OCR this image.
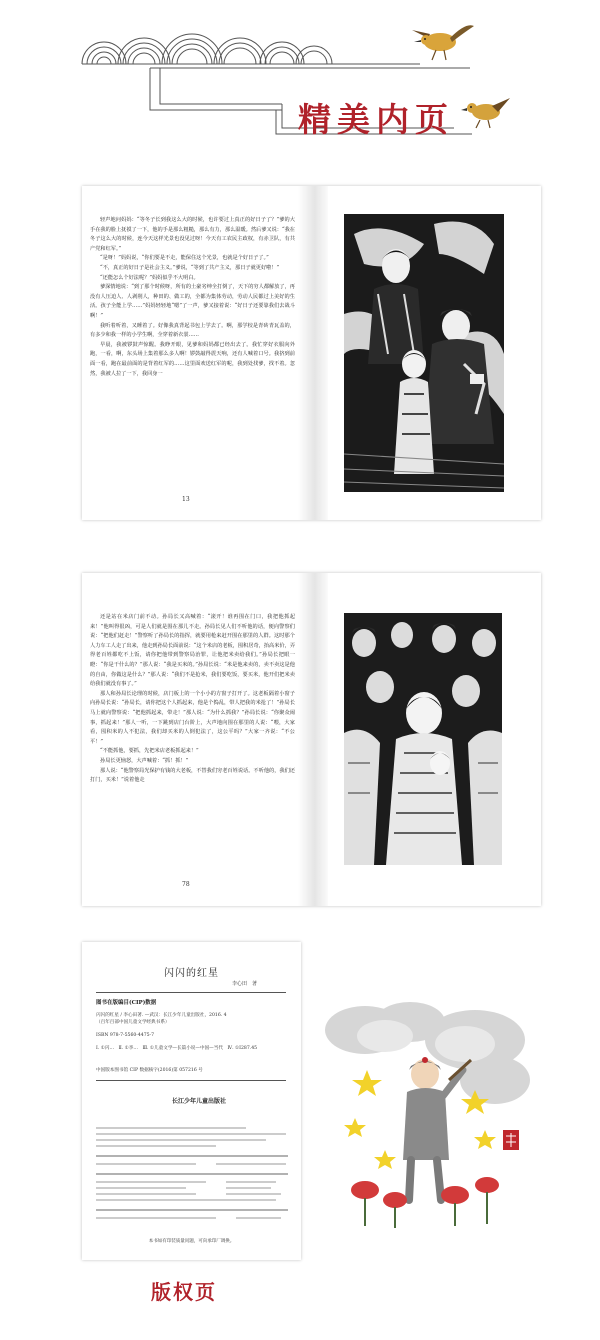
精美内页

轻声地问妈妈：“等冬子长到我这么大的时候，也许要过上真正的好日子了？”爹的大手在我的脸上抚摸了一下，他的手是那么粗糙，那么有力，那么温暖。然后爹又说：“我在冬子这么大的时候，连今天这样光景也没见过呀！今天有工农民主政权，有赤卫队，有共产党和红军。”

“是呀！”妈妈说，“你们要是不走，能保住这个光景，也就是个好日子了。”

“不，真正的好日子是社会主义。”爹说，“等到了共产主义，那日子就更好啦！”

“还能怎么个好法呢？”妈妈似乎不大明白。

爹深情地说：“到了那个时候呀，所有的土豪劣绅全打倒了，天下的穷人都解放了，再没有人压迫人、人剥削人，种田的、做工的，全都为集体劳动，劳动人民都过上美好的生活。孩子全能上学……”妈妈轻轻地“嗯”了一声，爹又接着说：“好日子还要靠我们去战斗啊！”

我听着听着，又睡着了。好像我真背起书包上学去了。啊，那学校是青砖青瓦盖的，有多少和我一样的小学生啊，全穿着新衣裳……

早晨，我被锣鼓声惊醒。我睁开眼，见爹和妈妈都已经出去了。我忙穿好衣服向外跑，一看，啊，东头场上集着那么多人啊！锣鼓敲得震天响，还有人喊着口号。我挤到前面一看，跑在最前面的是背着红军的……这里面欢送红军的呢，我到处找爹，找不着。忽然，我被人拉了一下，我回身一

13

还是站在米店门前不动。孙局长又高喊着：“滚开！谁再围在门口，我把他抓起来！”他叫得很凶，可是人们就是围在那儿不走。孙局长见人们不听他的话，便向警察们说：“把他们赶走！”警察听了孙局长的指挥，就要用枪来赶开围在那里的人群。这时那个人力车工人走了出来，他走到孙局长面前说：“这个米店的老板，囤积居奇，抬高米价，弄得老百姓都吃不上饭，请你把他带到警察局治罪，让他把米卖给我们。”孙局长把眼一瞪：“你是干什么的？”那人说：“我是买米的。”孙局长说：“米是他来卖的，卖不卖这是他的自由，你做这是什么？”那人说：“我们不是抢米，我们要吃饭，要买米，他开们把米卖给我们就没有事了。”

那人和孙局长论理的时候，店门板上的一个小小的方窗子打开了。这老板隔着小窗子向孙局长说：“孙局长，请你把这个人抓起来，他是个捣乱，带人把我的米抢了！”孙局长马上就向警察说：“把他抓起来，带走！”那人说：“为什么抓我？”孙局长说：“你聚众闹事，抓起来！”那人一听，一下跳到店门台阶上，大声地向围在那里的人说：“喂，大家看，囤积米的人不犯法，我们却买米的人倒犯法了，这公平吗？”大家一齐说：“不公平！”

“不能抓他，要抓，先把米店老板抓起来！”

孙局长更恼怒，大声喊着：“抓！抓！”

那人说：“他警察局光保护有钱的大老板，不替我们穷老百姓说话。不听他的，我们还打门，买米！”说着他走

78
闪闪的红星
李心田　著
图书在版编目(CIP)数据
闪闪的红星 / 李心田著. —武汉：长江少年儿童出版社，2016. 4
（百年百部中国儿童文学经典书系）
ISBN 978-7-5560-4475-7
Ⅰ. ①闪…　Ⅱ. ①李…　Ⅲ. ①儿童文学—长篇小说—中国—当代　Ⅳ. ①I287.45
中国版本图书馆 CIP 数据核字(2016)第 057216 号
长江少年儿童出版社
本书如有印装质量问题，可向承印厂调换。
版权页
